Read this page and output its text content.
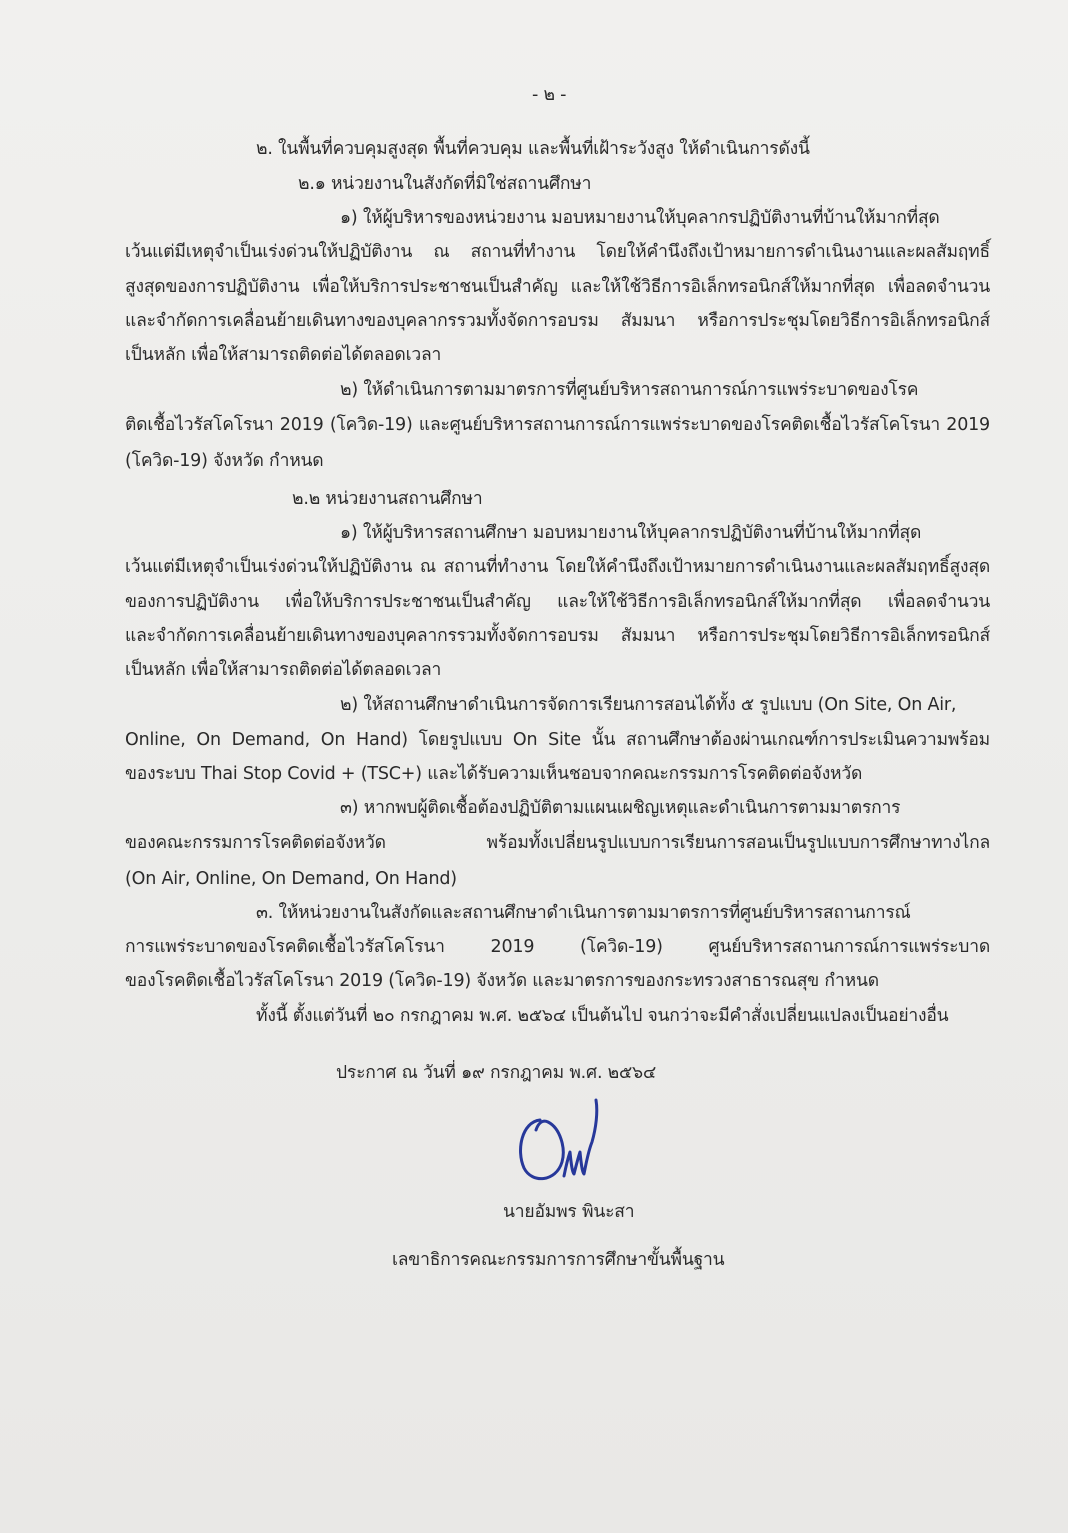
- ๒ -
๒. ในพื้นที่ควบคุมสูงสุด พื้นที่ควบคุม และพื้นที่เฝ้าระวังสูง ให้ดำเนินการดังนี้
๒.๑ หน่วยงานในสังกัดที่มิใช่สถานศึกษา
๑) ให้ผู้บริหารของหน่วยงาน มอบหมายงานให้บุคลากรปฏิบัติงานที่บ้านให้มากที่สุด
เว้นแต่มีเหตุจำเป็นเร่งด่วนให้ปฏิบัติงาน ณ สถานที่ทำงาน โดยให้คำนึงถึงเป้าหมายการดำเนินงานและผลสัมฤทธิ์
สูงสุดของการปฏิบัติงาน เพื่อให้บริการประชาชนเป็นสำคัญ และให้ใช้วิธีการอิเล็กทรอนิกส์ให้มากที่สุด เพื่อลดจำนวน
และจำกัดการเคลื่อนย้ายเดินทางของบุคลากรรวมทั้งจัดการอบรม สัมมนา หรือการประชุมโดยวิธีการอิเล็กทรอนิกส์
เป็นหลัก เพื่อให้สามารถติดต่อได้ตลอดเวลา
๒) ให้ดำเนินการตามมาตรการที่ศูนย์บริหารสถานการณ์การแพร่ระบาดของโรค
ติดเชื้อไวรัสโคโรนา 2019 (โควิด-19) และศูนย์บริหารสถานการณ์การแพร่ระบาดของโรคติดเชื้อไวรัสโคโรนา 2019
(โควิด-19) จังหวัด กำหนด
๒.๒ หน่วยงานสถานศึกษา
๑) ให้ผู้บริหารสถานศึกษา มอบหมายงานให้บุคลากรปฏิบัติงานที่บ้านให้มากที่สุด
เว้นแต่มีเหตุจำเป็นเร่งด่วนให้ปฏิบัติงาน ณ สถานที่ทำงาน โดยให้คำนึงถึงเป้าหมายการดำเนินงานและผลสัมฤทธิ์สูงสุด
ของการปฏิบัติงาน เพื่อให้บริการประชาชนเป็นสำคัญ และให้ใช้วิธีการอิเล็กทรอนิกส์ให้มากที่สุด เพื่อลดจำนวน
และจำกัดการเคลื่อนย้ายเดินทางของบุคลากรรวมทั้งจัดการอบรม สัมมนา หรือการประชุมโดยวิธีการอิเล็กทรอนิกส์
เป็นหลัก เพื่อให้สามารถติดต่อได้ตลอดเวลา
๒) ให้สถานศึกษาดำเนินการจัดการเรียนการสอนได้ทั้ง ๕ รูปแบบ (On Site, On Air,
Online, On Demand, On Hand) โดยรูปแบบ On Site นั้น สถานศึกษาต้องผ่านเกณฑ์การประเมินความพร้อม
ของระบบ Thai Stop Covid + (TSC+) และได้รับความเห็นชอบจากคณะกรรมการโรคติดต่อจังหวัด
๓) หากพบผู้ติดเชื้อต้องปฏิบัติตามแผนเผชิญเหตุและดำเนินการตามมาตรการ
ของคณะกรรมการโรคติดต่อจังหวัด พร้อมทั้งเปลี่ยนรูปแบบการเรียนการสอนเป็นรูปแบบการศึกษาทางไกล
(On Air, Online, On Demand, On Hand)
๓. ให้หน่วยงานในสังกัดและสถานศึกษาดำเนินการตามมาตรการที่ศูนย์บริหารสถานการณ์
การแพร่ระบาดของโรคติดเชื้อไวรัสโคโรนา 2019 (โควิด-19) ศูนย์บริหารสถานการณ์การแพร่ระบาด
ของโรคติดเชื้อไวรัสโคโรนา 2019 (โควิด-19) จังหวัด และมาตรการของกระทรวงสาธารณสุข กำหนด
ทั้งนี้ ตั้งแต่วันที่ ๒๐ กรกฎาคม พ.ศ. ๒๕๖๔ เป็นต้นไป จนกว่าจะมีคำสั่งเปลี่ยนแปลงเป็นอย่างอื่น
ประกาศ ณ วันที่ ๑๙ กรกฎาคม พ.ศ. ๒๕๖๔
นายอัมพร พินะสา
เลขาธิการคณะกรรมการการศึกษาขั้นพื้นฐาน
